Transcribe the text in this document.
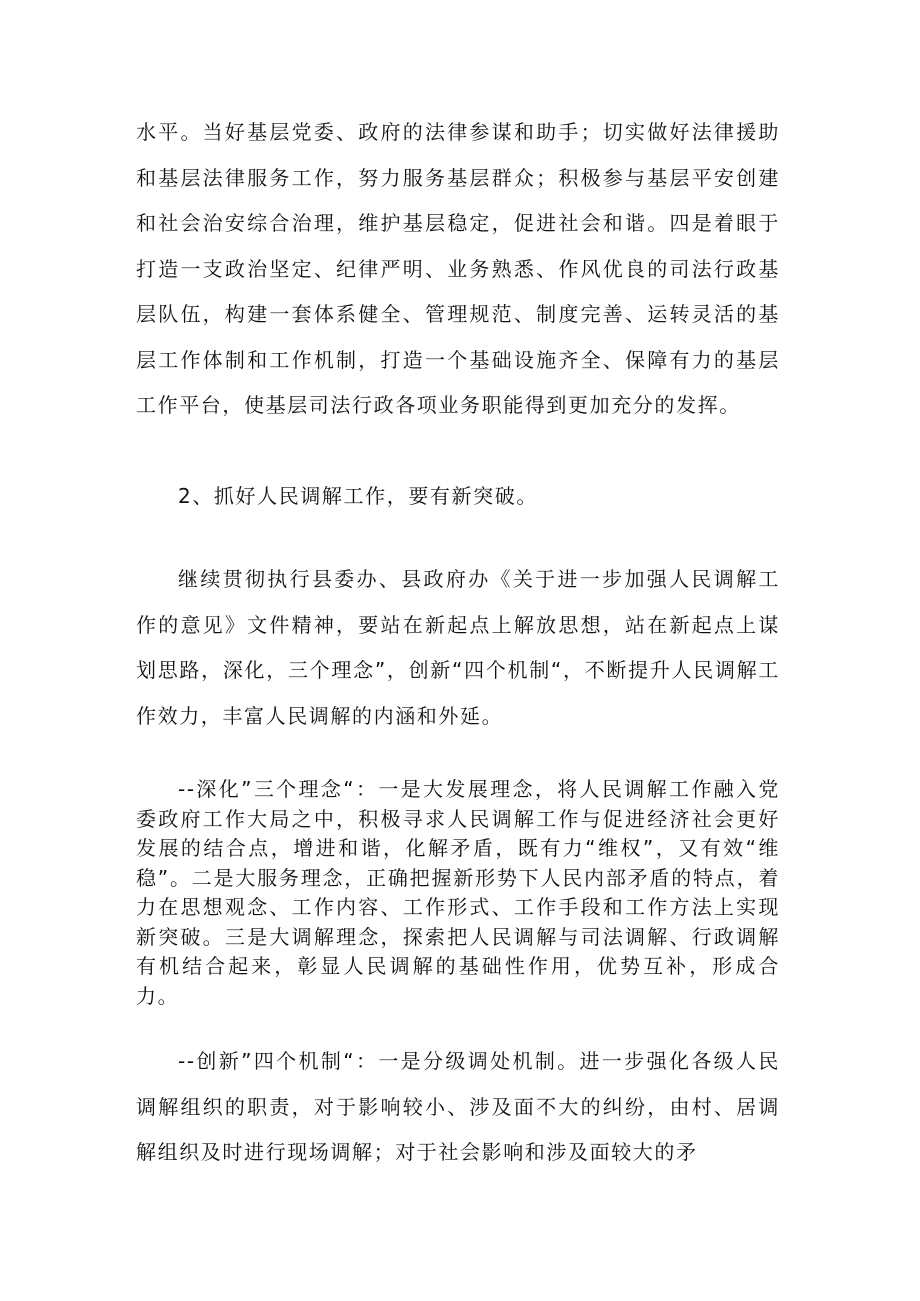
水平。当好基层党委、政府的法律参谋和助手；切实做好法律援助和基层法律服务工作，努力服务基层群众；积极参与基层平安创建和社会治安综合治理，维护基层稳定，促进社会和谐。四是着眼于打造一支政治坚定、纪律严明、业务熟悉、作风优良的司法行政基层队伍，构建一套体系健全、管理规范、制度完善、运转灵活的基层工作体制和工作机制，打造一个基础设施齐全、保障有力的基层工作平台，使基层司法行政各项业务职能得到更加充分的发挥。

2、抓好人民调解工作，要有新突破。

继续贯彻执行县委办、县政府办《关于进一步加强人民调解工作的意见》文件精神，要站在新起点上解放思想，站在新起点上谋划思路，深化，三个理念”，创新“四个机制“，不断提升人民调解工作效力，丰富人民调解的内涵和外延。

--深化”三个理念“：一是大发展理念，将人民调解工作融入党委政府工作大局之中，积极寻求人民调解工作与促进经济社会更好发展的结合点，增进和谐，化解矛盾，既有力“维权”，又有效“维稳”。二是大服务理念，正确把握新形势下人民内部矛盾的特点，着力在思想观念、工作内容、工作形式、工作手段和工作方法上实现新突破。三是大调解理念，探索把人民调解与司法调解、行政调解有机结合起来，彰显人民调解的基础性作用，优势互补，形成合力。

--创新”四个机制“：一是分级调处机制。进一步强化各级人民调解组织的职责，对于影响较小、涉及面不大的纠纷，由村、居调解组织及时进行现场调解；对于社会影响和涉及面较大的矛
